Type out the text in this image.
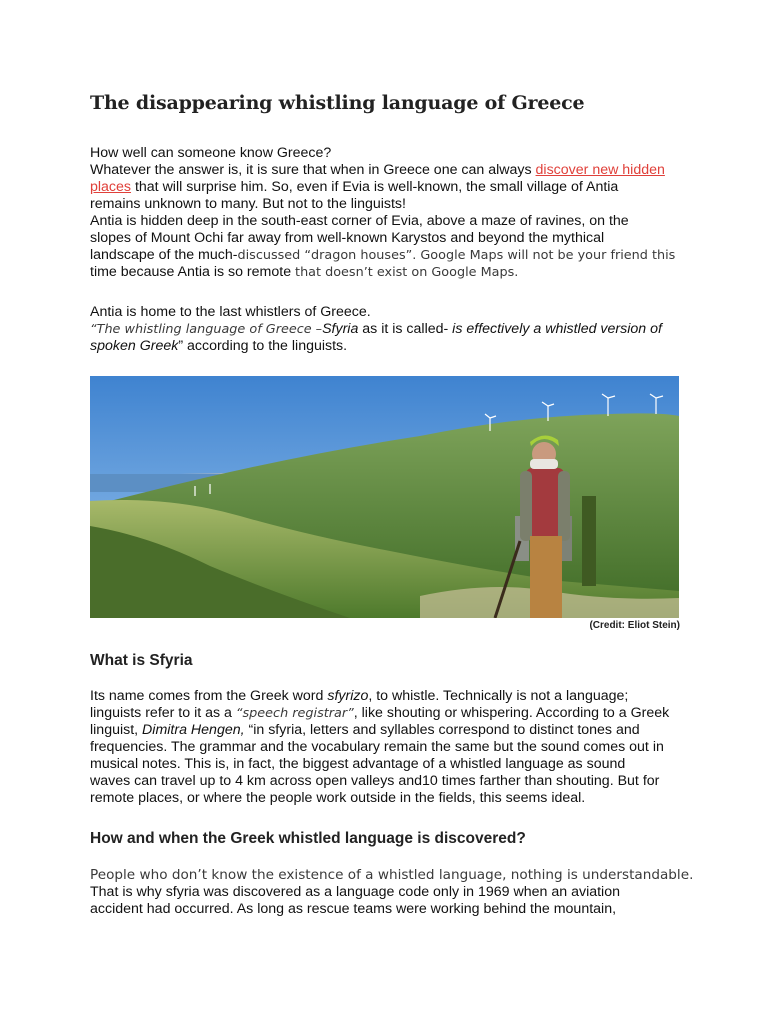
The disappearing whistling language of Greece
How well can someone know Greece?
Whatever the answer is, it is sure that when in Greece one can always discover new hidden
places that will surprise him. So, even if Evia is well-known, the small village of Antia
remains unknown to many. But not to the linguists!
Antia is hidden deep in the south-east corner of Evia, above a maze of ravines, on the
slopes of Mount Ochi far away from well-known Karystos and beyond the mythical
landscape of the much-discussed “dragon houses”. Google Maps will not be your friend this
time because Antia is so remote that doesn’t exist on Google Maps.
Antia is home to the last whistlers of Greece.
“The whistling language of Greece –Sfyria as it is called- is effectively a whistled version of
spoken Greek” according to the linguists.
(Credit: Eliot Stein)
What is Sfyria
Its name comes from the Greek word sfyrizo, to whistle. Technically is not a language;
linguists refer to it as a “speech registrar”, like shouting or whispering. According to a Greek
linguist, Dimitra Hengen, “in sfyria, letters and syllables correspond to distinct tones and
frequencies. The grammar and the vocabulary remain the same but the sound comes out in
musical notes. This is, in fact, the biggest advantage of a whistled language as sound
waves can travel up to 4 km across open valleys and10 times farther than shouting. But for
remote places, or where the people work outside in the fields, this seems ideal.
How and when the Greek whistled language is discovered?
People who don’t know the existence of a whistled language, nothing is understandable.
That is why sfyria was discovered as a language code only in 1969 when an aviation
accident had occurred. As long as rescue teams were working behind the mountain,
